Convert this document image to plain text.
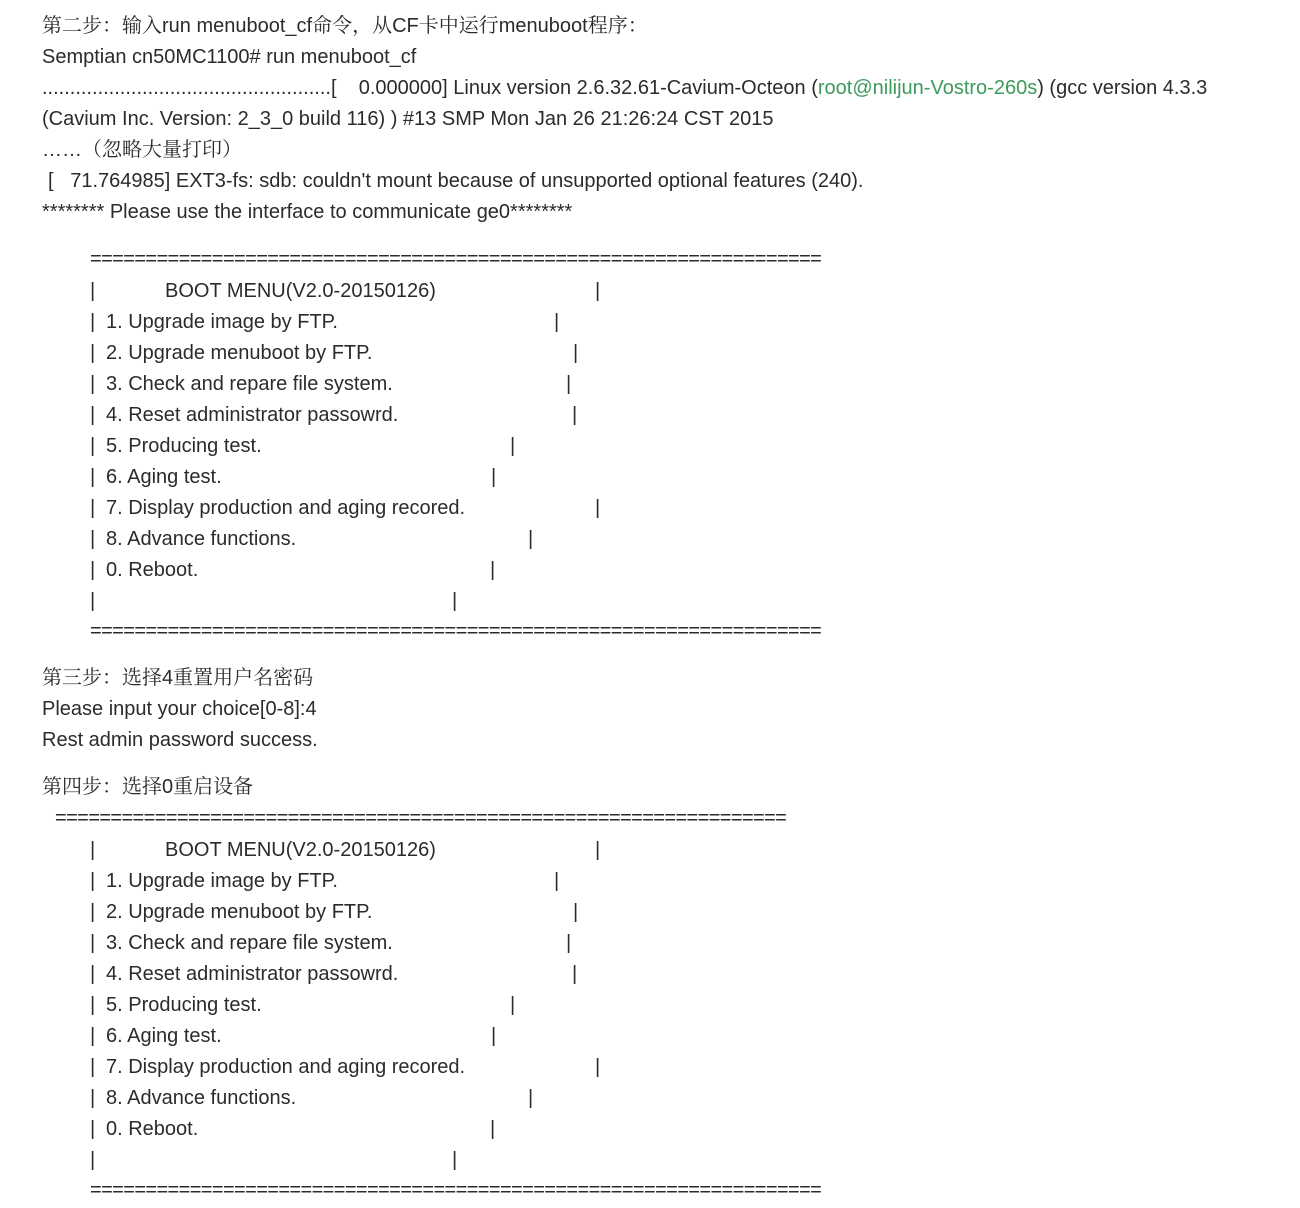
第二步：输入run menuboot_cf命令，从CF卡中运行menuboot程序：
Semptian cn50MC1100# run menuboot_cf
....................................................[    0.000000] Linux version 2.6.32.61-Cavium-Octeon (root@nilijun-Vostro-260s) (gcc version 4.3.3
(Cavium Inc. Version: 2_3_0 build 116) ) #13 SMP Mon Jan 26 21:26:24 CST 2015
……（忽略大量打印）
[   71.764985] EXT3-fs: sdb: couldn't mount because of unsupported optional features (240).
******** Please use the interface to communicate ge0********
==================================================================
|	BOOT MENU(V2.0-20150126)	|
| 1. Upgrade image by FTP.	|
| 2. Upgrade menuboot by FTP.	|
| 3. Check and repare file system.	|
| 4. Reset administrator passowrd.	|
| 5. Producing test.	|
| 6. Aging test.	|
| 7. Display production and aging recored.	|
| 8. Advance functions.	|
| 0. Reboot.	|
|	|
==================================================================
第三步：选择4重置用户名密码
Please input your choice[0-8]:4
Rest admin password success.
第四步：选择0重启设备
==================================================================
|	BOOT MENU(V2.0-20150126)	|
| 1. Upgrade image by FTP.	|
| 2. Upgrade menuboot by FTP.	|
| 3. Check and repare file system.	|
| 4. Reset administrator passowrd.	|
| 5. Producing test.	|
| 6. Aging test.	|
| 7. Display production and aging recored.	|
| 8. Advance functions.	|
| 0. Reboot.	|
|	|
==================================================================
